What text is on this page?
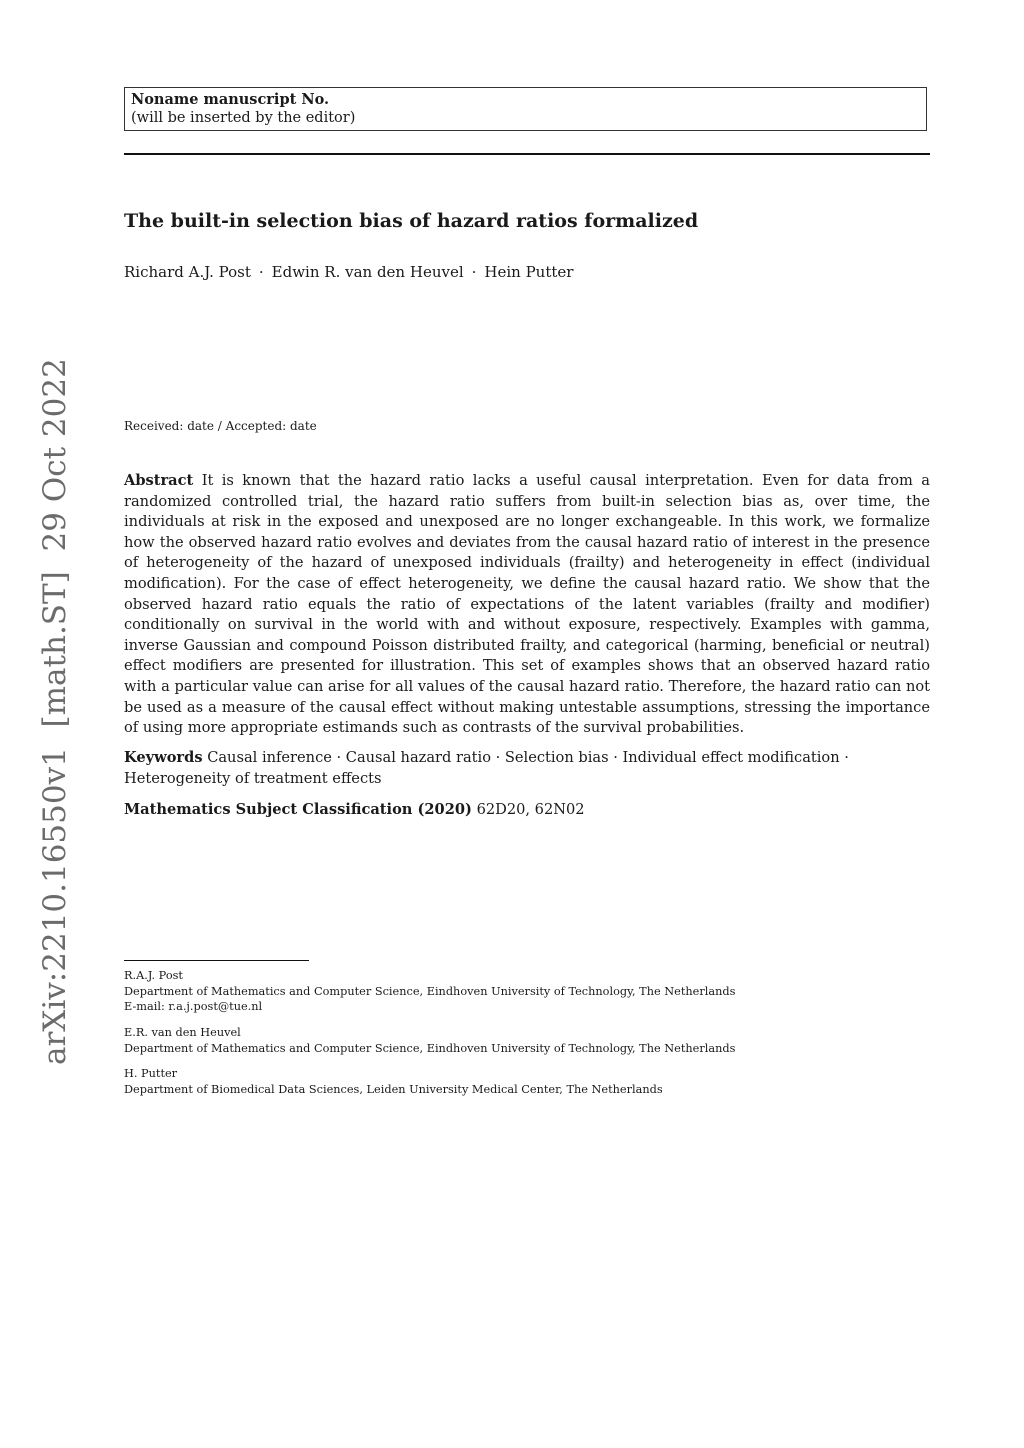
Noname manuscript No.
(will be inserted by the editor)
The built-in selection bias of hazard ratios formalized
Richard A.J. Post · Edwin R. van den Heuvel · Hein Putter
Received: date / Accepted: date
Abstract It is known that the hazard ratio lacks a useful causal interpretation. Even for data from a randomized controlled trial, the hazard ratio suffers from built-in selection bias as, over time, the individuals at risk in the exposed and unexposed are no longer exchangeable. In this work, we formalize how the observed hazard ratio evolves and deviates from the causal hazard ratio of interest in the presence of heterogeneity of the hazard of unexposed individuals (frailty) and heterogeneity in effect (individual modification). For the case of effect heterogeneity, we define the causal hazard ratio. We show that the observed hazard ratio equals the ratio of expectations of the latent variables (frailty and modifier) conditionally on survival in the world with and without exposure, respectively. Examples with gamma, inverse Gaussian and compound Poisson distributed frailty, and categorical (harming, beneficial or neutral) effect modifiers are presented for illustration. This set of examples shows that an observed hazard ratio with a particular value can arise for all values of the causal hazard ratio. Therefore, the hazard ratio can not be used as a measure of the causal effect without making untestable assumptions, stressing the importance of using more appropriate estimands such as contrasts of the survival probabilities.
Keywords Causal inference · Causal hazard ratio · Selection bias · Individual effect modification · Heterogeneity of treatment effects
Mathematics Subject Classification (2020) 62D20, 62N02
R.A.J. Post
Department of Mathematics and Computer Science, Eindhoven University of Technology, The Netherlands
E-mail: r.a.j.post@tue.nl
E.R. van den Heuvel
Department of Mathematics and Computer Science, Eindhoven University of Technology, The Netherlands
H. Putter
Department of Biomedical Data Sciences, Leiden University Medical Center, The Netherlands
arXiv:2210.16550v1  [math.ST]  29 Oct 2022
